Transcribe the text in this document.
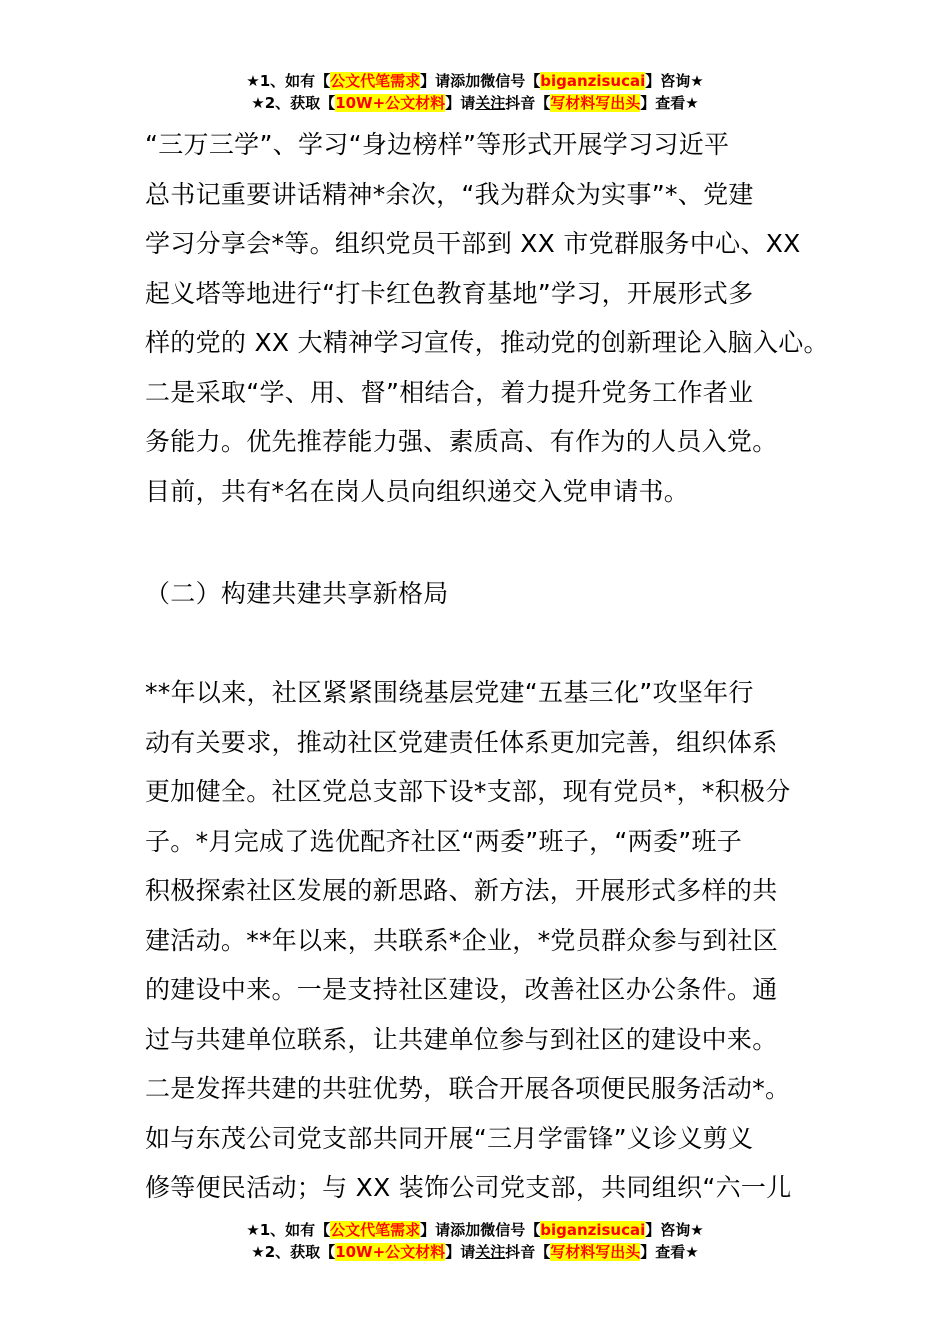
★1、如有【公文代笔需求】请添加微信号【biganzisucai】咨询★
★2、获取【10W+公文材料】请关注抖音【写材料写出头】查看★
“三万三学”、学习“身边榜样”等形式开展学习习近平
总书记重要讲话精神*余次，“我为群众为实事”*、党建
学习分享会*等。组织党员干部到 XX 市党群服务中心、XX
起义塔等地进行“打卡红色教育基地”学习，开展形式多
样的党的 XX 大精神学习宣传，推动党的创新理论入脑入心。
二是采取“学、用、督”相结合，着力提升党务工作者业
务能力。优先推荐能力强、素质高、有作为的人员入党。
目前，共有*名在岗人员向组织递交入党申请书。
（二）构建共建共享新格局
**年以来，社区紧紧围绕基层党建“五基三化”攻坚年行
动有关要求，推动社区党建责任体系更加完善，组织体系
更加健全。社区党总支部下设*支部，现有党员*，*积极分
子。*月完成了选优配齐社区“两委”班子，“两委”班子
积极探索社区发展的新思路、新方法，开展形式多样的共
建活动。**年以来，共联系*企业，*党员群众参与到社区
的建设中来。一是支持社区建设，改善社区办公条件。通
过与共建单位联系，让共建单位参与到社区的建设中来。
二是发挥共建的共驻优势，联合开展各项便民服务活动*。
如与东茂公司党支部共同开展“三月学雷锋”义诊义剪义
修等便民活动；与 XX 装饰公司党支部，共同组织“六一儿
★1、如有【公文代笔需求】请添加微信号【biganzisucai】咨询★
★2、获取【10W+公文材料】请关注抖音【写材料写出头】查看★
